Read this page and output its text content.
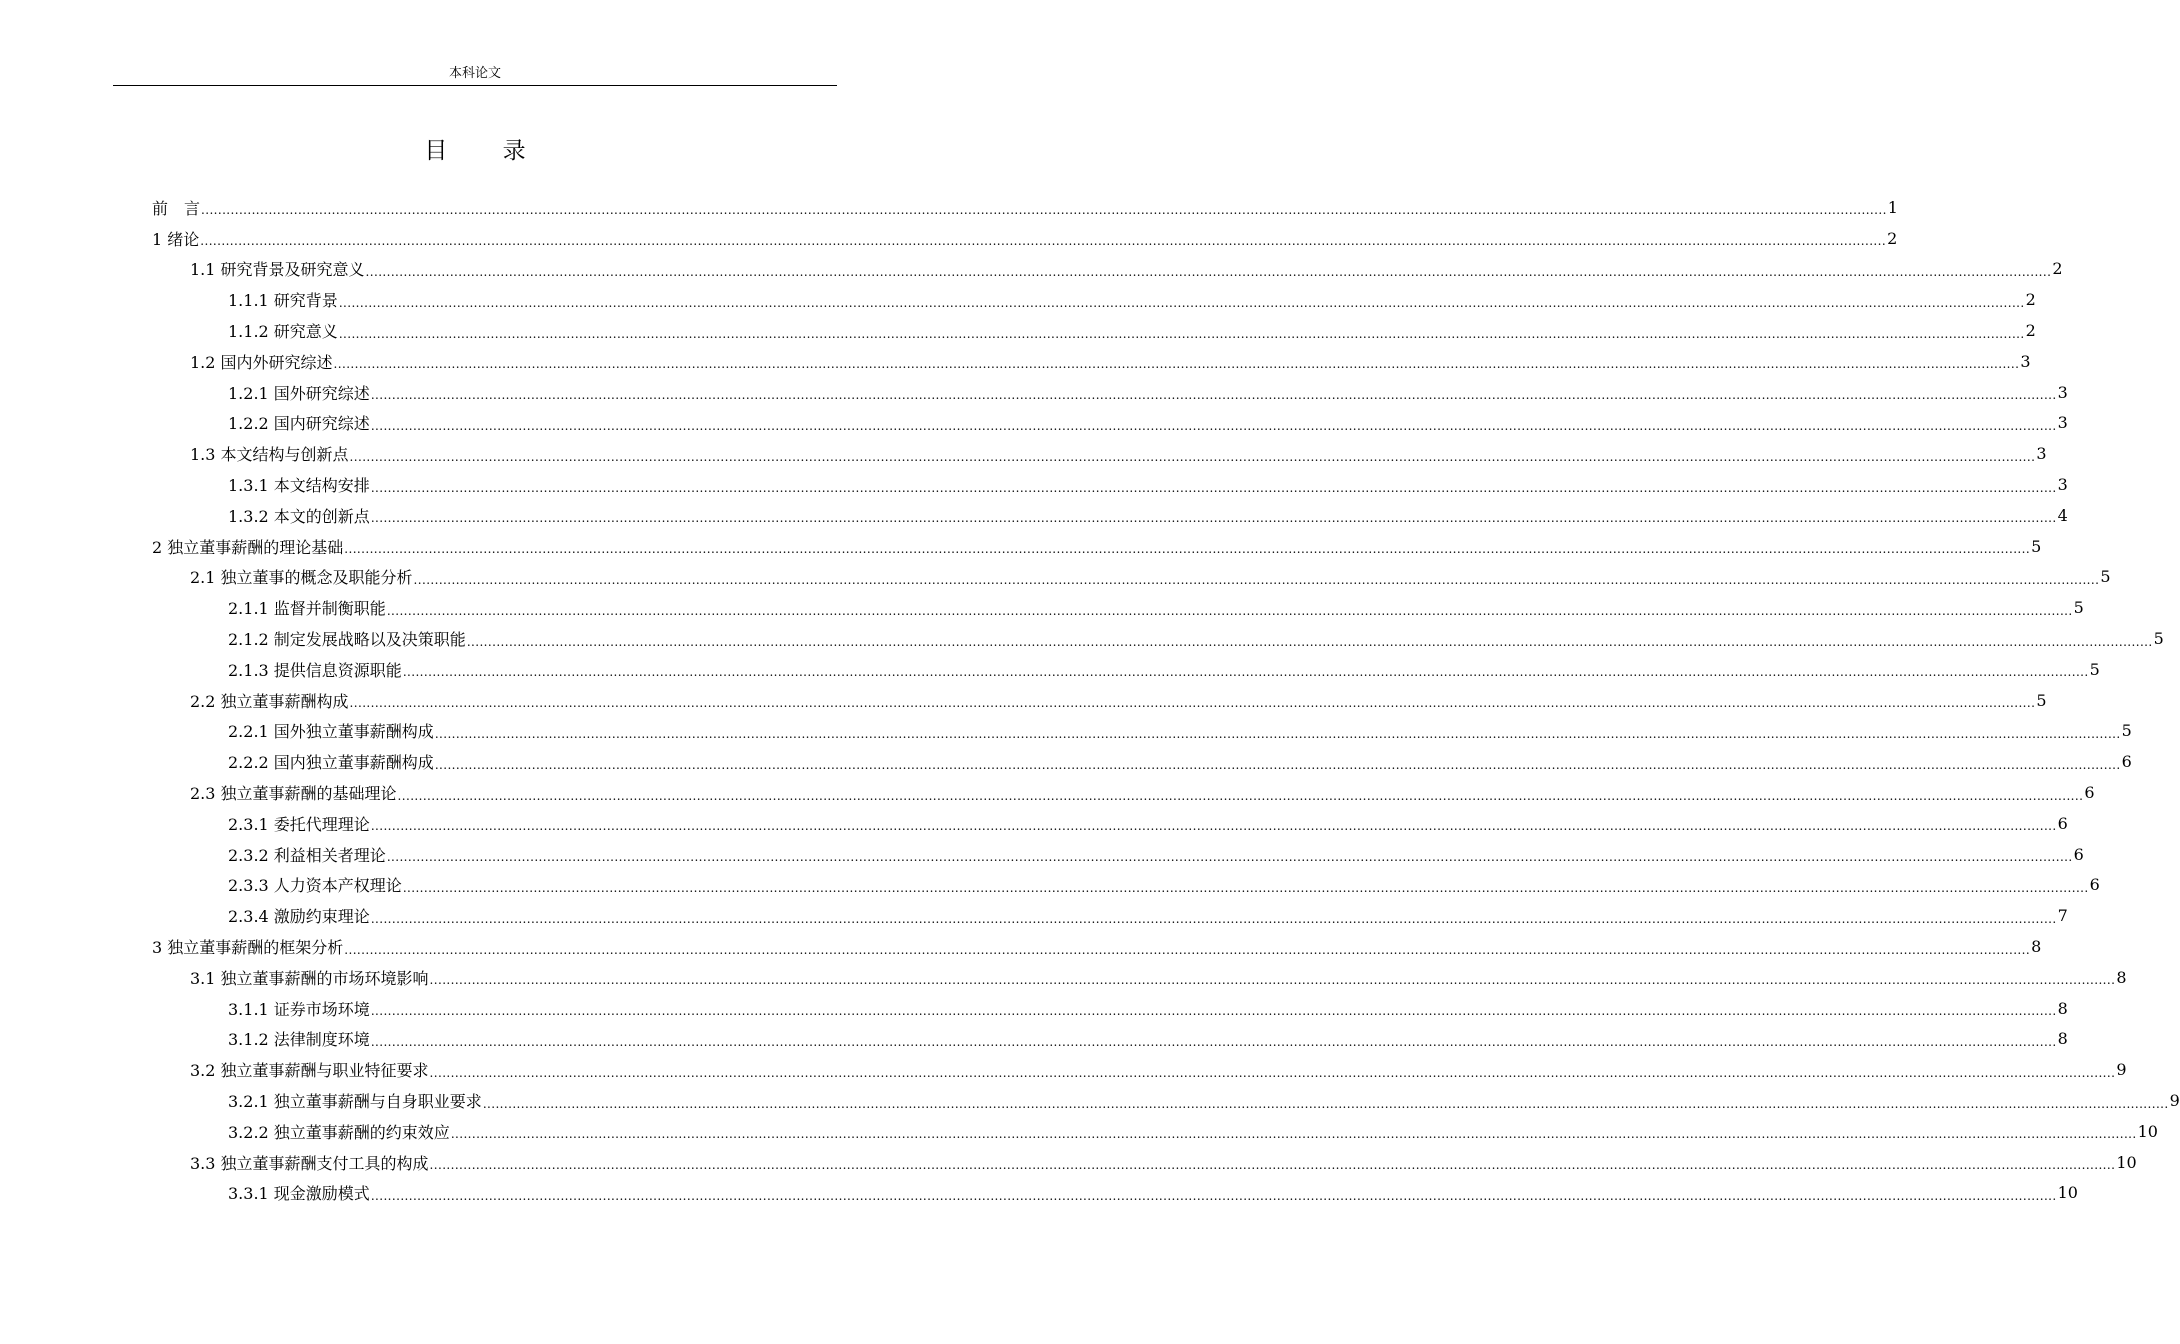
本科论文
目 录
前　言 ................................................................................................................................................................................................................................................................................................................................................................................................................ 1
1 绪论 ................................................................................................................................................................................................................................................................................................................................................................................................................ 2
1.1 研究背景及研究意义 ................................................................................................................................................................................................................................................................................................................................................................................................................ 2
1.1.1 研究背景 ................................................................................................................................................................................................................................................................................................................................................................................................................ 2
1.1.2 研究意义 ................................................................................................................................................................................................................................................................................................................................................................................................................ 2
1.2 国内外研究综述 ................................................................................................................................................................................................................................................................................................................................................................................................................ 3
1.2.1 国外研究综述 ................................................................................................................................................................................................................................................................................................................................................................................................................ 3
1.2.2 国内研究综述 ................................................................................................................................................................................................................................................................................................................................................................................................................ 3
1.3 本文结构与创新点 ................................................................................................................................................................................................................................................................................................................................................................................................................ 3
1.3.1 本文结构安排 ................................................................................................................................................................................................................................................................................................................................................................................................................ 3
1.3.2 本文的创新点 ................................................................................................................................................................................................................................................................................................................................................................................................................ 4
2 独立董事薪酬的理论基础 ................................................................................................................................................................................................................................................................................................................................................................................................................ 5
2.1 独立董事的概念及职能分析 ................................................................................................................................................................................................................................................................................................................................................................................................................ 5
2.1.1 监督并制衡职能 ................................................................................................................................................................................................................................................................................................................................................................................................................ 5
2.1.2 制定发展战略以及决策职能 ................................................................................................................................................................................................................................................................................................................................................................................................................ 5
2.1.3 提供信息资源职能 ................................................................................................................................................................................................................................................................................................................................................................................................................ 5
2.2 独立董事薪酬构成 ................................................................................................................................................................................................................................................................................................................................................................................................................ 5
2.2.1 国外独立董事薪酬构成 ................................................................................................................................................................................................................................................................................................................................................................................................................ 5
2.2.2 国内独立董事薪酬构成 ................................................................................................................................................................................................................................................................................................................................................................................................................ 6
2.3 独立董事薪酬的基础理论 ................................................................................................................................................................................................................................................................................................................................................................................................................ 6
2.3.1 委托代理理论 ................................................................................................................................................................................................................................................................................................................................................................................................................ 6
2.3.2 利益相关者理论 ................................................................................................................................................................................................................................................................................................................................................................................................................ 6
2.3.3 人力资本产权理论 ................................................................................................................................................................................................................................................................................................................................................................................................................ 6
2.3.4 激励约束理论 ................................................................................................................................................................................................................................................................................................................................................................................................................ 7
3 独立董事薪酬的框架分析 ................................................................................................................................................................................................................................................................................................................................................................................................................ 8
3.1 独立董事薪酬的市场环境影响 ................................................................................................................................................................................................................................................................................................................................................................................................................ 8
3.1.1 证券市场环境 ................................................................................................................................................................................................................................................................................................................................................................................................................ 8
3.1.2 法律制度环境 ................................................................................................................................................................................................................................................................................................................................................................................................................ 8
3.2 独立董事薪酬与职业特征要求 ................................................................................................................................................................................................................................................................................................................................................................................................................ 9
3.2.1 独立董事薪酬与自身职业要求 ................................................................................................................................................................................................................................................................................................................................................................................................................ 9
3.2.2 独立董事薪酬的约束效应 ................................................................................................................................................................................................................................................................................................................................................................................................................ 10
3.3 独立董事薪酬支付工具的构成 ................................................................................................................................................................................................................................................................................................................................................................................................................ 10
3.3.1 现金激励模式 ................................................................................................................................................................................................................................................................................................................................................................................................................ 10
